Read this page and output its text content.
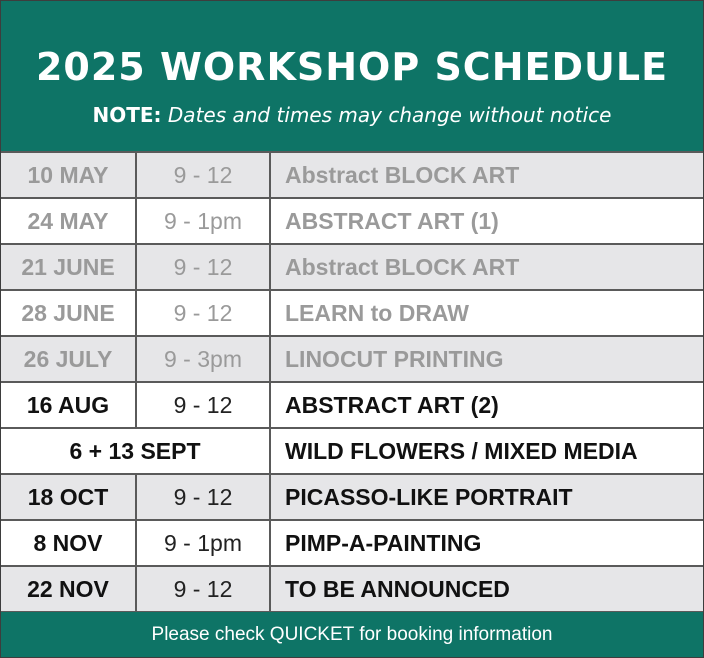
2025 WORKSHOP SCHEDULE
NOTE: Dates and times may change without notice
10 MAY	9 - 12	Abstract BLOCK ART
24 MAY	9 - 1pm	ABSTRACT ART (1)
21 JUNE	9 - 12	Abstract BLOCK ART
28 JUNE	9 - 12	LEARN to DRAW
26 JULY	9 - 3pm	LINOCUT PRINTING
16 AUG	9 - 12	ABSTRACT ART (2)
6 + 13 SEPT		WILD FLOWERS / MIXED MEDIA
18 OCT	9 - 12	PICASSO-LIKE PORTRAIT
8 NOV	9 - 1pm	PIMP-A-PAINTING
22 NOV	9 - 12	TO BE ANNOUNCED
Please check QUICKET for booking information
